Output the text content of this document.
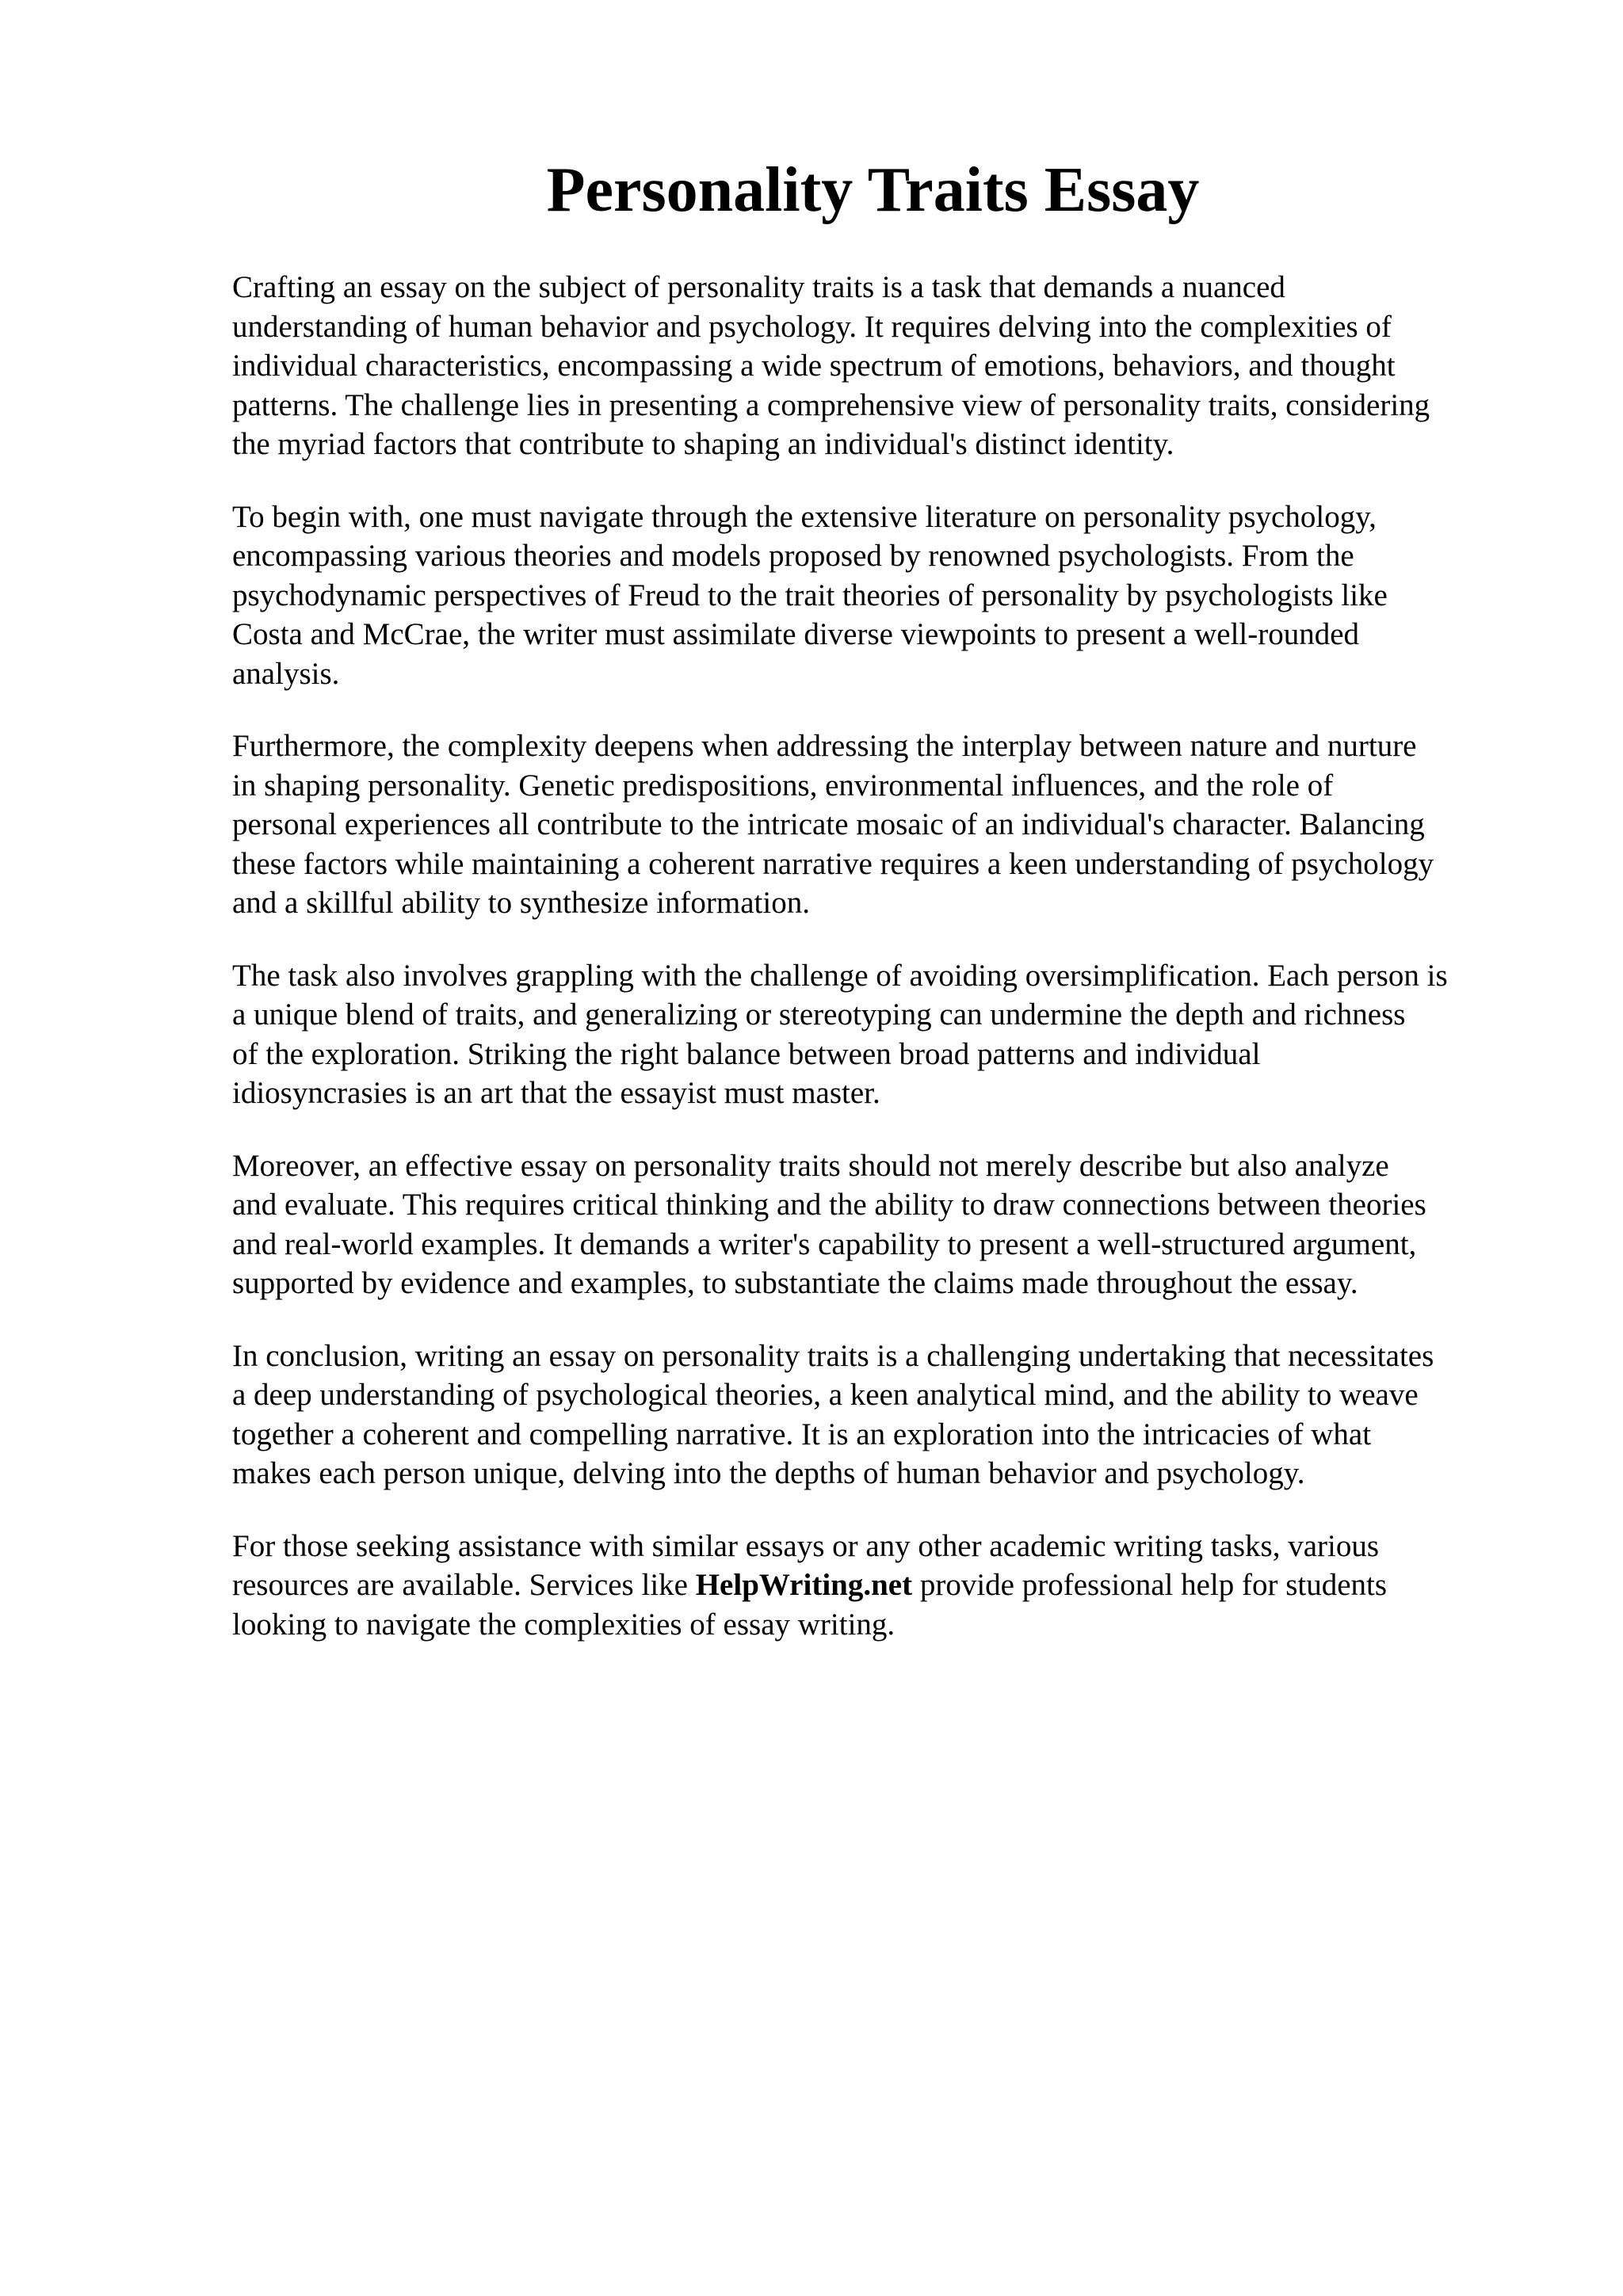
Personality Traits Essay

Crafting an essay on the subject of personality traits is a task that demands a nuanced
understanding of human behavior and psychology. It requires delving into the complexities of
individual characteristics, encompassing a wide spectrum of emotions, behaviors, and thought
patterns. The challenge lies in presenting a comprehensive view of personality traits, considering
the myriad factors that contribute to shaping an individual's distinct identity.

To begin with, one must navigate through the extensive literature on personality psychology,
encompassing various theories and models proposed by renowned psychologists. From the
psychodynamic perspectives of Freud to the trait theories of personality by psychologists like
Costa and McCrae, the writer must assimilate diverse viewpoints to present a well-rounded
analysis.

Furthermore, the complexity deepens when addressing the interplay between nature and nurture
in shaping personality. Genetic predispositions, environmental influences, and the role of
personal experiences all contribute to the intricate mosaic of an individual's character. Balancing
these factors while maintaining a coherent narrative requires a keen understanding of psychology
and a skillful ability to synthesize information.

The task also involves grappling with the challenge of avoiding oversimplification. Each person is
a unique blend of traits, and generalizing or stereotyping can undermine the depth and richness
of the exploration. Striking the right balance between broad patterns and individual
idiosyncrasies is an art that the essayist must master.

Moreover, an effective essay on personality traits should not merely describe but also analyze
and evaluate. This requires critical thinking and the ability to draw connections between theories
and real-world examples. It demands a writer's capability to present a well-structured argument,
supported by evidence and examples, to substantiate the claims made throughout the essay.

In conclusion, writing an essay on personality traits is a challenging undertaking that necessitates
a deep understanding of psychological theories, a keen analytical mind, and the ability to weave
together a coherent and compelling narrative. It is an exploration into the intricacies of what
makes each person unique, delving into the depths of human behavior and psychology.

For those seeking assistance with similar essays or any other academic writing tasks, various
resources are available. Services like HelpWriting.net provide professional help for students
looking to navigate the complexities of essay writing.
